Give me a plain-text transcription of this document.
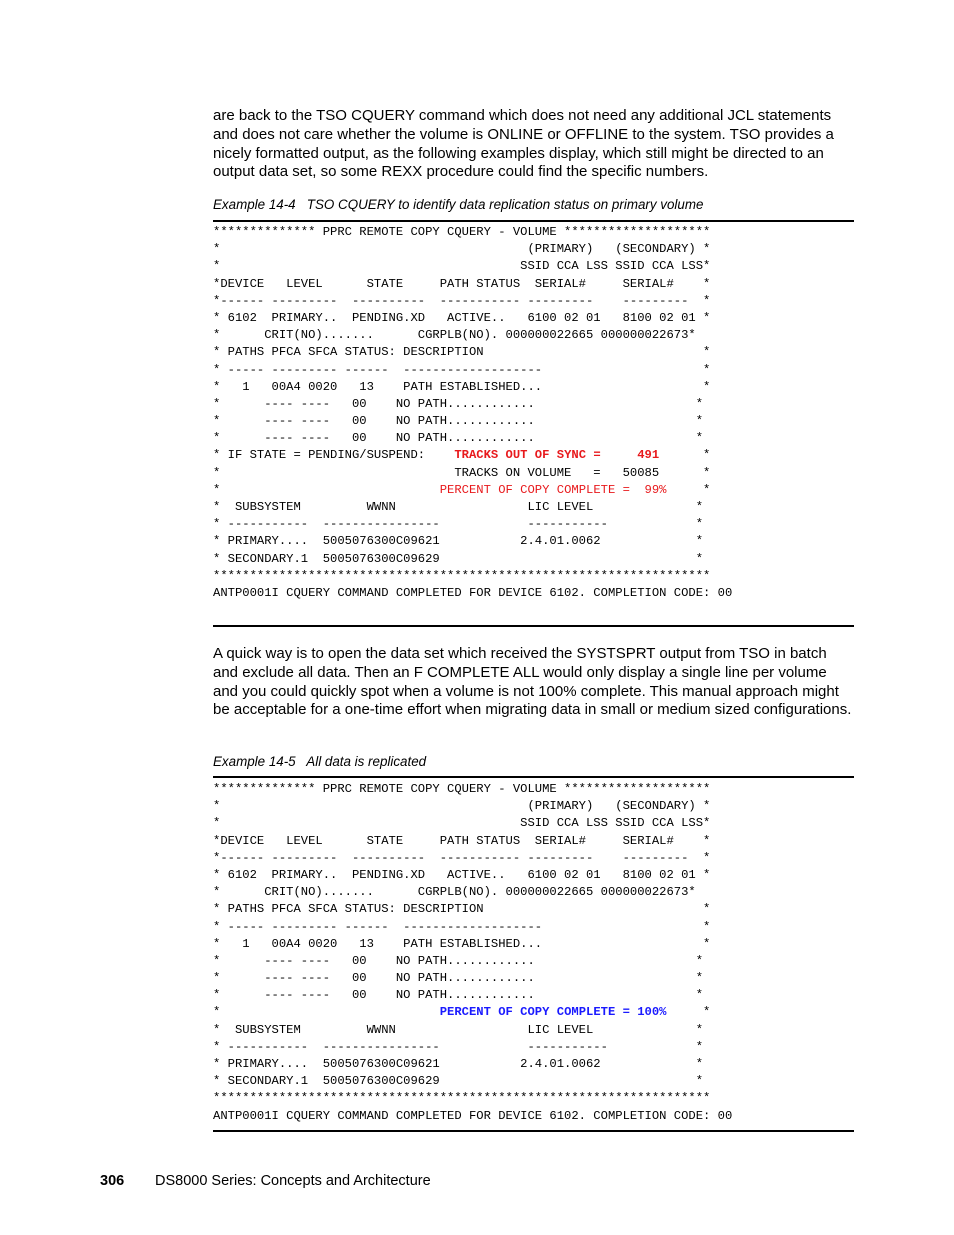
are back to the TSO CQUERY command which does not need any additional JCL statements and does not care whether the volume is ONLINE or OFFLINE to the system. TSO provides a nicely formatted output, as the following examples display, which still might be directed to an output data set, so some REXX procedure could find the specific numbers.

Example 14-4   TSO CQUERY to identify data replication status on primary volume

************** PPRC REMOTE COPY CQUERY - VOLUME ********************
*                                          (PRIMARY)   (SECONDARY) *
*                                         SSID CCA LSS SSID CCA LSS*
*DEVICE   LEVEL      STATE     PATH STATUS  SERIAL#     SERIAL#    *
*------ ---------  ----------  ----------- ---------    ---------  *
* 6102  PRIMARY..  PENDING.XD   ACTIVE..   6100 02 01   8100 02 01 *
*      CRIT(NO).......      CGRPLB(NO). 000000022665 000000022673*
* PATHS PFCA SFCA STATUS: DESCRIPTION                              *
* ----- --------- ------  -------------------                      *
*   1   00A4 0020   13    PATH ESTABLISHED...                      *
*      ---- ----   00    NO PATH............                      *
*      ---- ----   00    NO PATH............                      *
*      ---- ----   00    NO PATH............                      *
* IF STATE = PENDING/SUSPEND:    TRACKS OUT OF SYNC =     491      *
*                                TRACKS ON VOLUME   =   50085      *
*                              PERCENT OF COPY COMPLETE =  99%     *
*  SUBSYSTEM         WWNN                  LIC LEVEL              *
* -----------  ----------------            -----------            *
* PRIMARY....  5005076300C09621           2.4.01.0062             *
* SECONDARY.1  5005076300C09629                                   *
********************************************************************
ANTP0001I CQUERY COMMAND COMPLETED FOR DEVICE 6102. COMPLETION CODE: 00

A quick way is to open the data set which received the SYSTSPRT output from TSO in batch and exclude all data. Then an F COMPLETE ALL would only display a single line per volume and you could quickly spot when a volume is not 100% complete. This manual approach might be acceptable for a one-time effort when migrating data in small or medium sized configurations.

Example 14-5   All data is replicated

************** PPRC REMOTE COPY CQUERY - VOLUME ********************
*                                          (PRIMARY)   (SECONDARY) *
*                                         SSID CCA LSS SSID CCA LSS*
*DEVICE   LEVEL      STATE     PATH STATUS  SERIAL#     SERIAL#    *
*------ ---------  ----------  ----------- ---------    ---------  *
* 6102  PRIMARY..  PENDING.XD   ACTIVE..   6100 02 01   8100 02 01 *
*      CRIT(NO).......      CGRPLB(NO). 000000022665 000000022673*
* PATHS PFCA SFCA STATUS: DESCRIPTION                              *
* ----- --------- ------  -------------------                      *
*   1   00A4 0020   13    PATH ESTABLISHED...                      *
*      ---- ----   00    NO PATH............                      *
*      ---- ----   00    NO PATH............                      *
*      ---- ----   00    NO PATH............                      *
*                              PERCENT OF COPY COMPLETE = 100%     *
*  SUBSYSTEM         WWNN                  LIC LEVEL              *
* -----------  ----------------            -----------            *
* PRIMARY....  5005076300C09621           2.4.01.0062             *
* SECONDARY.1  5005076300C09629                                   *
********************************************************************
ANTP0001I CQUERY COMMAND COMPLETED FOR DEVICE 6102. COMPLETION CODE: 00
306 DS8000 Series: Concepts and Architecture
